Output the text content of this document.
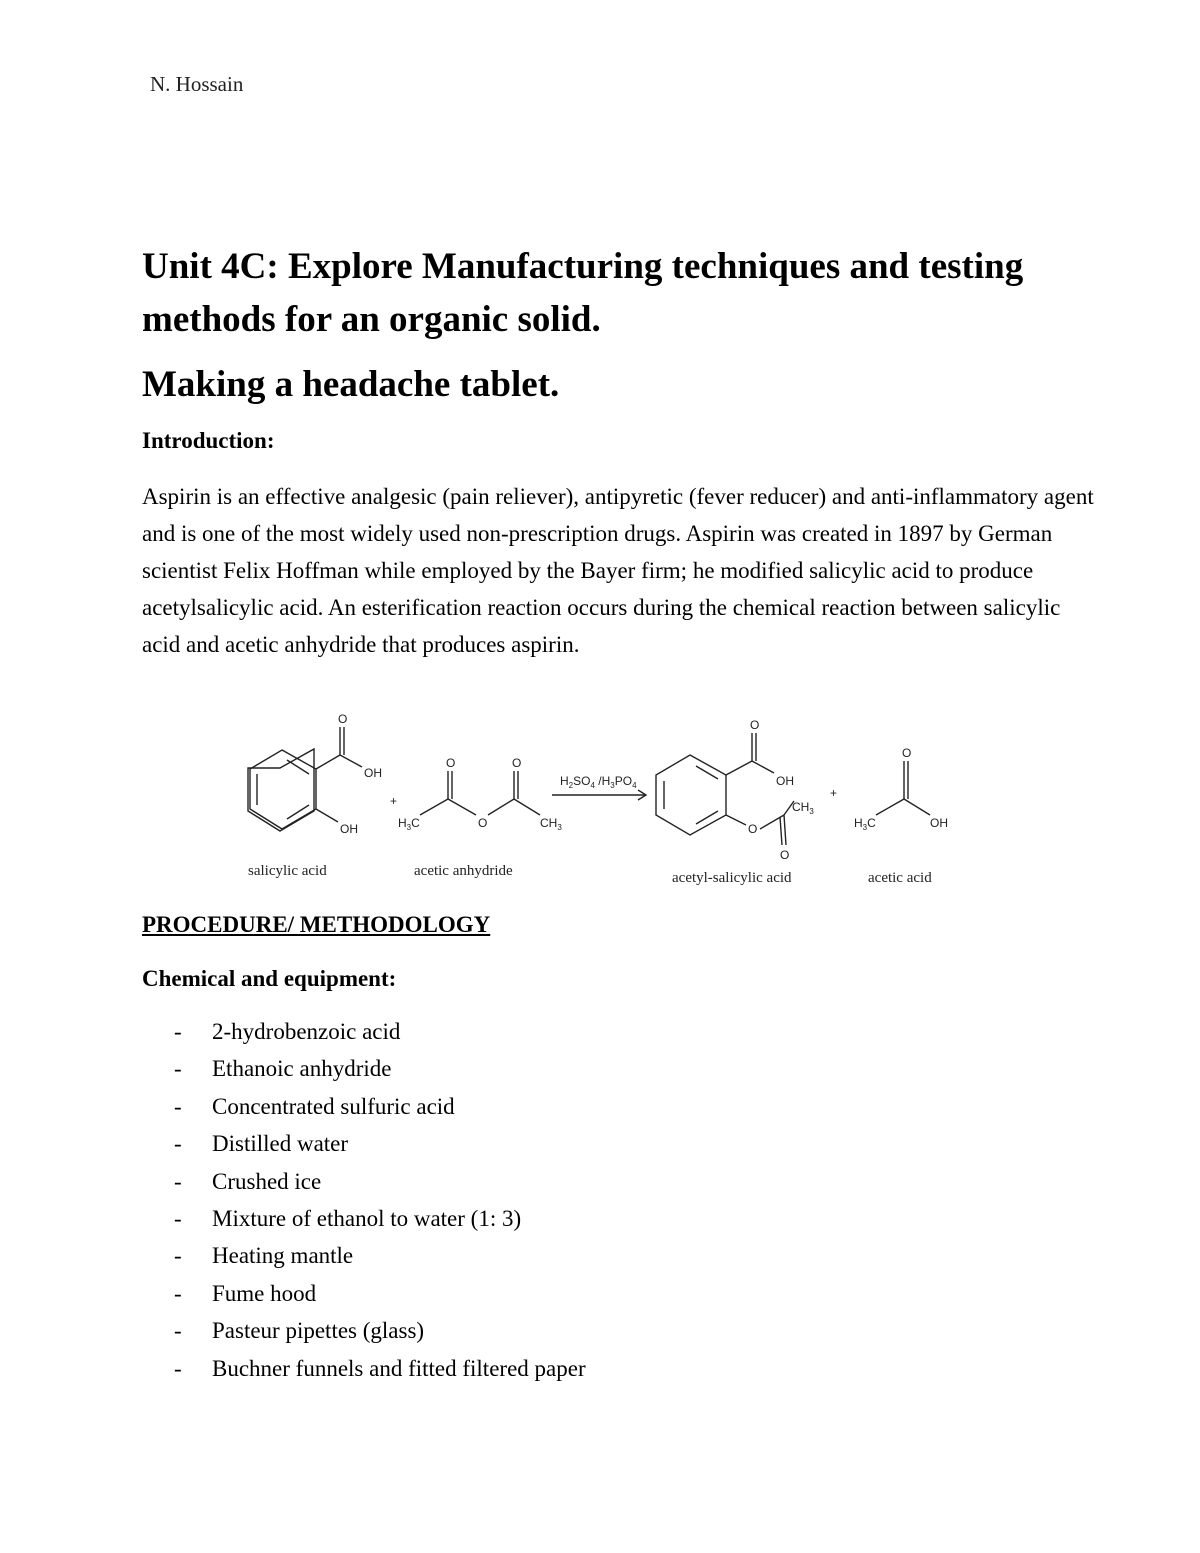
N. Hossain
Unit 4C: Explore Manufacturing techniques and testing methods for an organic solid.
Making a headache tablet.
Introduction:

Aspirin is an effective analgesic (pain reliever), antipyretic (fever reducer) and anti-inflammatory agent and is one of the most widely used non-prescription drugs. Aspirin was created in 1897 by German scientist Felix Hoffman while employed by the Bayer firm; he modified salicylic acid to produce acetylsalicylic acid. An esterification reaction occurs during the chemical reaction between salicylic acid and acetic anhydride that produces aspirin.

O
OH
OH
O	O
O
$H_3C$	$CH_3$
$H_2SO_4$ $/H_3PO_4$
O
OH
O
$CH_3$
O
O
$H_3C$	OH
+
+
salicylic acid	acetic anhydride	acetyl-salicylic acid	acetic acid
PROCEDURE/ METHODOLOGY
Chemical and equipment:
- 2-hydrobenzoic acid
- Ethanoic anhydride
- Concentrated sulfuric acid
- Distilled water
- Crushed ice
- Mixture of ethanol to water (1: 3)
- Heating mantle
- Fume hood
- Pasteur pipettes (glass)
- Buchner funnels and fitted filtered paper
